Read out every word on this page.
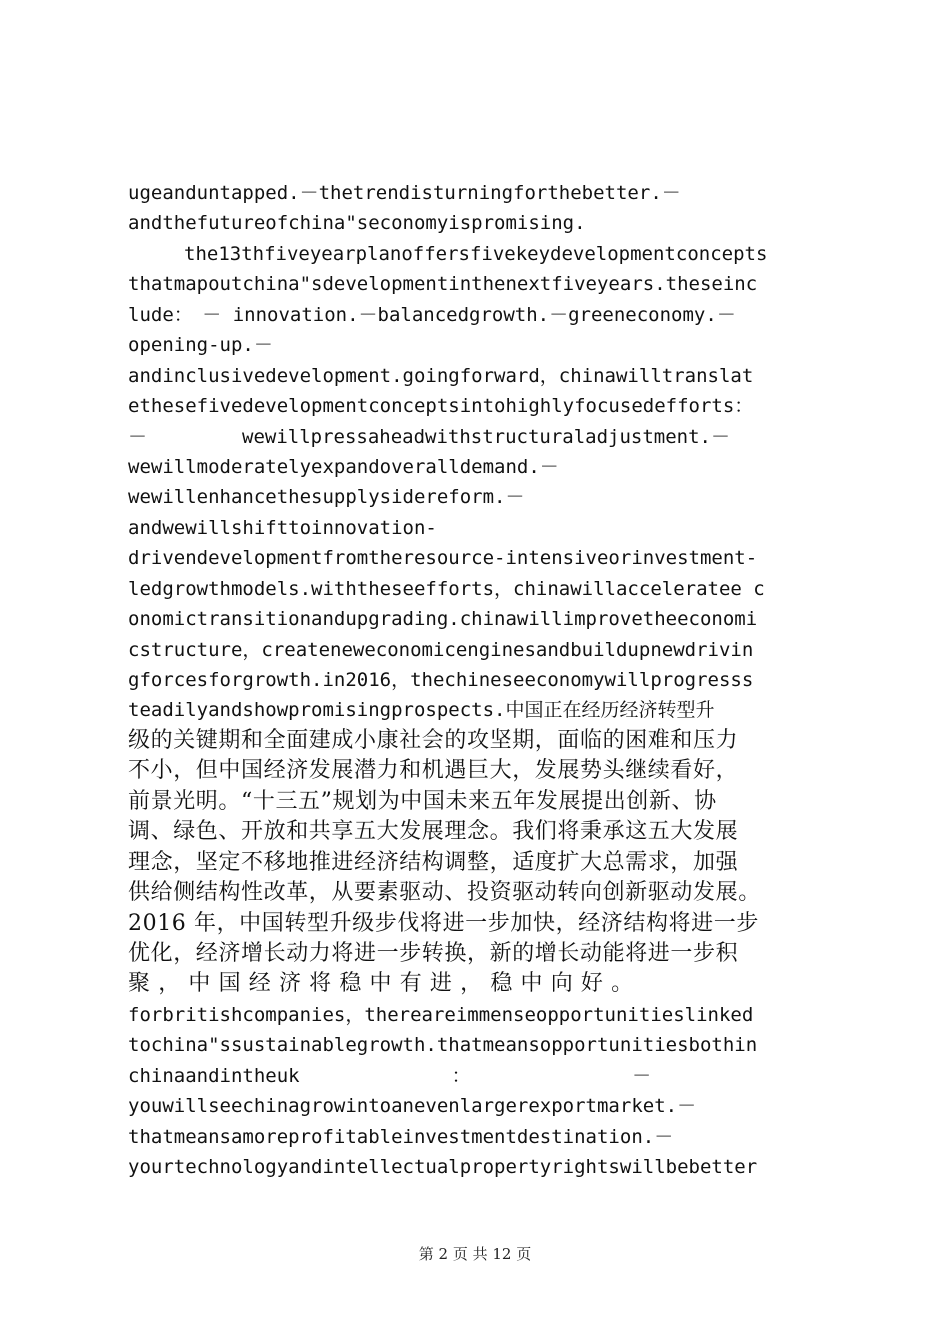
ugeanduntapped.－thetrendisturningforthebetter.－
andthefutureofchina"seconomyispromising.
the13thfiveyearplanoffersfivekeydevelopmentconcepts
thatmapoutchina"sdevelopmentinthenextfiveyears.theseinc
lude：　－ innovation.－balancedgrowth.－greeneconomy.－
opening-up.－
andinclusivedevelopment.goingforward，chinawilltranslat
ethesefivedevelopmentconceptsintohighlyfocusedefforts：
－　　　　　wewillpressaheadwithstructuraladjustment.－
wewillmoderatelyexpandoveralldemand.－
wewillenhancethesupplysidereform.－
andwewillshifttoinnovation-
drivendevelopmentfromtheresource-intensiveorinvestment-
ledgrowthmodels.withtheseefforts，chinawillacceleratee c
onomictransitionandupgrading.chinawillimprovetheeconomi
cstructure，createneweconomicenginesandbuildupnewdrivin
gforcesforgrowth.in2016，thechineseeconomywillprogresss
teadilyandshowpromisingprospects.中国正在经历经济转型升
级的关键期和全面建成小康社会的攻坚期，面临的困难和压力
不小，但中国经济发展潜力和机遇巨大，发展势头继续看好，
前景光明。“十三五”规划为中国未来五年发展提出创新、协
调、绿色、开放和共享五大发展理念。我们将秉承这五大发展
理念，坚定不移地推进经济结构调整，适度扩大总需求，加强
供给侧结构性改革，从要素驱动、投资驱动转向创新驱动发展。
2016 年，中国转型升级步伐将进一步加快，经济结构将进一步
优化，经济增长动力将进一步转换，新的增长动能将进一步积
聚 ， 中 国 经 济 将 稳 中 有 进 ， 稳 中 向 好 。
forbritishcompanies，thereareimmenseopportunitieslinked
tochina"ssustainablegrowth.thatmeansopportunitiesbothin
chinaandintheuk　　　　　　　　：　　　　　　　　　－
youwillseechinagrowintoanevenlargerexportmarket.－
thatmeansamoreprofitableinvestmentdestination.－
yourtechnologyandintellectualpropertyrightswillbebetter
第 2 页 共 12 页
